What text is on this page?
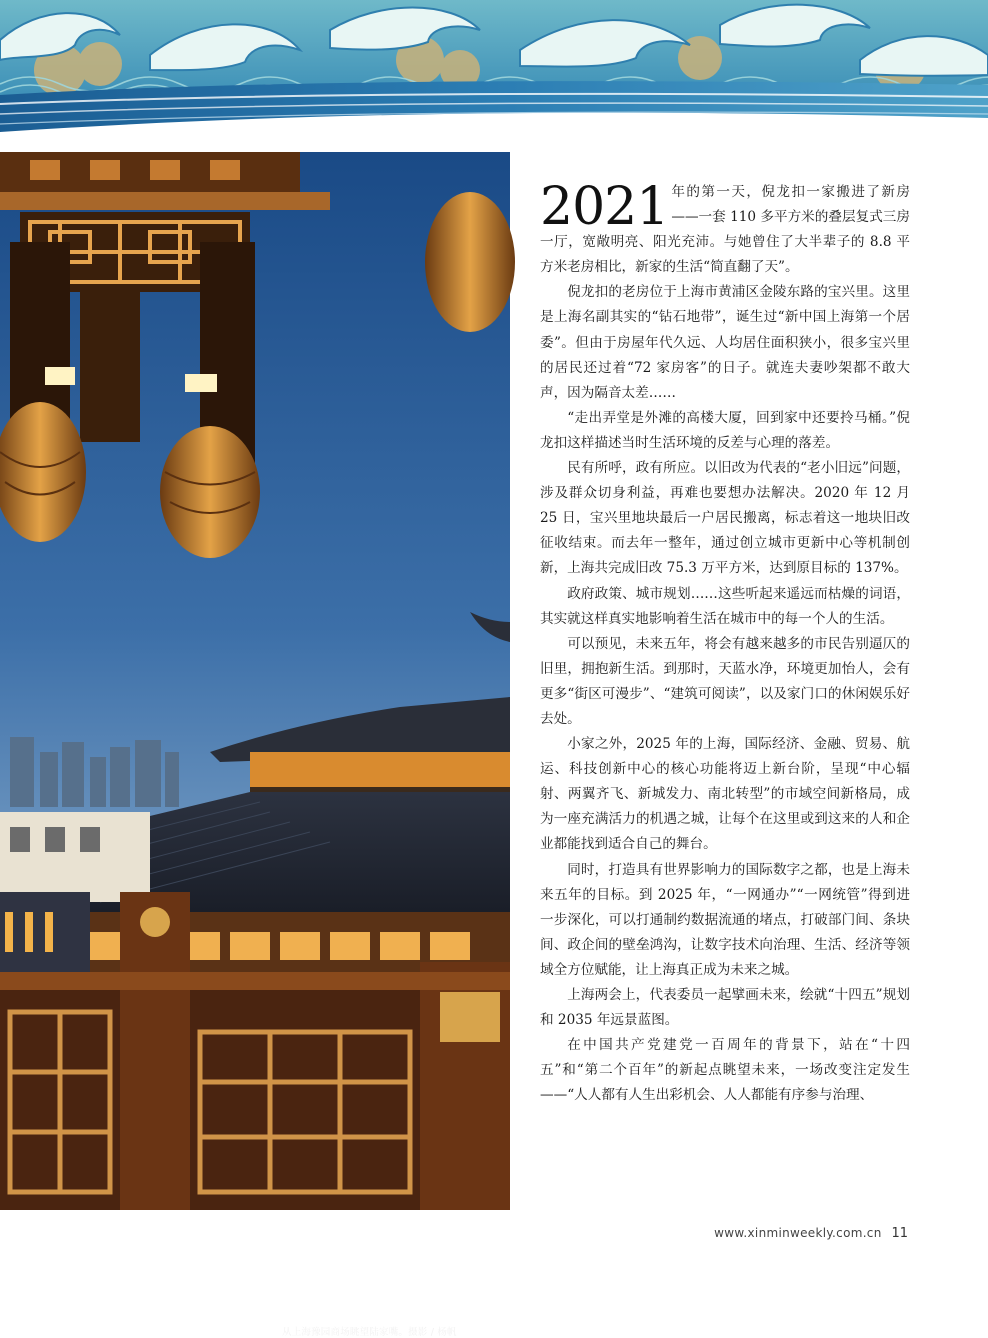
从上海豫园商场眺望陆家嘴。摄影 / 杨帆

2021 年的第一天，倪龙扣一家搬进了新房——一套 110 多平方米的叠层复式三房一厅，宽敞明亮、阳光充沛。与她曾住了大半辈子的 8.8 平方米老房相比，新家的生活“简直翻了天”。

倪龙扣的老房位于上海市黄浦区金陵东路的宝兴里。这里是上海名副其实的“钻石地带”，诞生过“新中国上海第一个居委”。但由于房屋年代久远、人均居住面积狭小，很多宝兴里的居民还过着“72 家房客”的日子。就连夫妻吵架都不敢大声，因为隔音太差……

“走出弄堂是外滩的高楼大厦，回到家中还要拎马桶。”倪龙扣这样描述当时生活环境的反差与心理的落差。

民有所呼，政有所应。以旧改为代表的“老小旧远”问题，涉及群众切身利益，再难也要想办法解决。2020 年 12 月 25 日，宝兴里地块最后一户居民搬离，标志着这一地块旧改征收结束。而去年一整年，通过创立城市更新中心等机制创新，上海共完成旧改 75.3 万平方米，达到原目标的 137%。

政府政策、城市规划……这些听起来遥远而枯燥的词语，其实就这样真实地影响着生活在城市中的每一个人的生活。

可以预见，未来五年，将会有越来越多的市民告别逼仄的旧里，拥抱新生活。到那时，天蓝水净，环境更加怡人，会有更多“街区可漫步”、“建筑可阅读”，以及家门口的休闲娱乐好去处。

小家之外，2025 年的上海，国际经济、金融、贸易、航运、科技创新中心的核心功能将迈上新台阶，呈现“中心辐射、两翼齐飞、新城发力、南北转型”的市域空间新格局，成为一座充满活力的机遇之城，让每个在这里或到这来的人和企业都能找到适合自己的舞台。

同时，打造具有世界影响力的国际数字之都，也是上海未来五年的目标。到 2025 年，“一网通办”“一网统管”得到进一步深化，可以打通制约数据流通的堵点，打破部门间、条块间、政企间的壁垒鸿沟，让数字技术向治理、生活、经济等领域全方位赋能，让上海真正成为未来之城。

上海两会上，代表委员一起擘画未来，绘就“十四五”规划和 2035 年远景蓝图。

在中国共产党建党一百周年的背景下，站在“十四五”和“第二个百年”的新起点眺望未来，一场改变注定发生——“人人都有人生出彩机会、人人都能有序参与治理、

www.xinminweekly.com.cn 11
